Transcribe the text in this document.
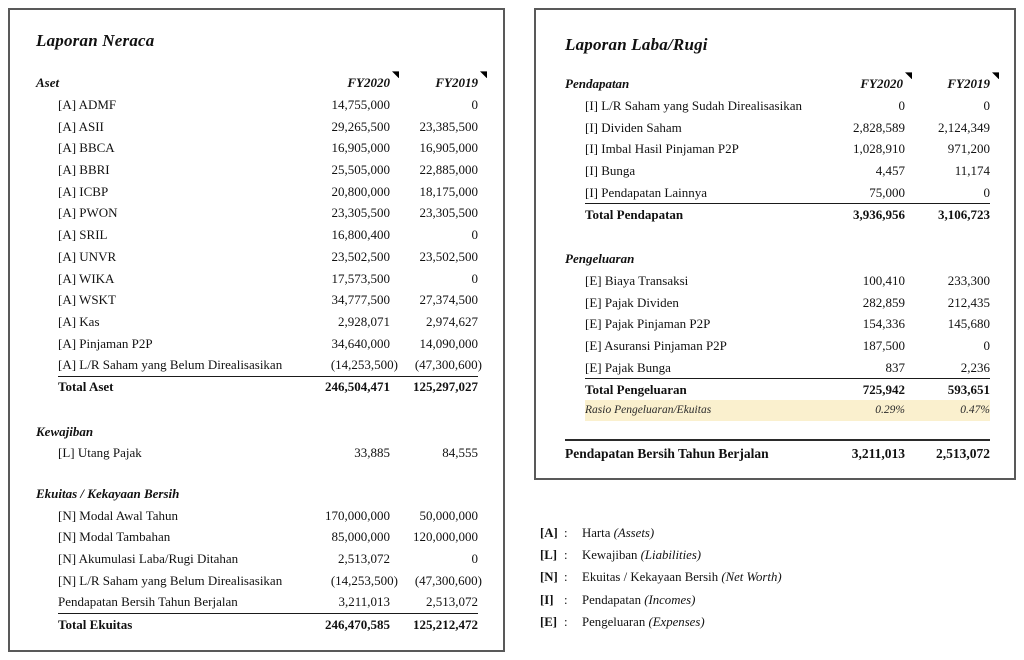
Laporan Neraca
Aset	FY2020	FY2019
[A] ADMF	14,755,000	0
[A] ASII	29,265,500	23,385,500
[A] BBCA	16,905,000	16,905,000
[A] BBRI	25,505,000	22,885,000
[A] ICBP	20,800,000	18,175,000
[A] PWON	23,305,500	23,305,500
[A] SRIL	16,800,400	0
[A] UNVR	23,502,500	23,502,500
[A] WIKA	17,573,500	0
[A] WSKT	34,777,500	27,374,500
[A] Kas	2,928,071	2,974,627
[A] Pinjaman P2P	34,640,000	14,090,000
[A] L/R Saham yang Belum Direalisasikan	(14,253,500)	(47,300,600)
Total Aset	246,504,471	125,297,027
Kewajiban
[L] Utang Pajak	33,885	84,555
Ekuitas / Kekayaan Bersih
[N] Modal Awal Tahun	170,000,000	50,000,000
[N] Modal Tambahan	85,000,000	120,000,000
[N] Akumulasi Laba/Rugi Ditahan	2,513,072	0
[N] L/R Saham yang Belum Direalisasikan	(14,253,500)	(47,300,600)
Pendapatan Bersih Tahun Berjalan	3,211,013	2,513,072
Total Ekuitas	246,470,585	125,212,472
Laporan Laba/Rugi
Pendapatan	FY2020	FY2019
[I] L/R Saham yang Sudah Direalisasikan	0	0
[I] Dividen Saham	2,828,589	2,124,349
[I] Imbal Hasil Pinjaman P2P	1,028,910	971,200
[I] Bunga	4,457	11,174
[I] Pendapatan Lainnya	75,000	0
Total Pendapatan	3,936,956	3,106,723
Pengeluaran
[E] Biaya Transaksi	100,410	233,300
[E] Pajak Dividen	282,859	212,435
[E] Pajak Pinjaman P2P	154,336	145,680
[E] Asuransi Pinjaman P2P	187,500	0
[E] Pajak Bunga	837	2,236
Total Pengeluaran	725,942	593,651
Rasio Pengeluaran/Ekuitas	0.29%	0.47%
Pendapatan Bersih Tahun Berjalan	3,211,013	2,513,072
[A] :	Harta (Assets)
[L] :	Kewajiban (Liabilities)
[N] :	Ekuitas / Kekayaan Bersih (Net Worth)
[I] :	Pendapatan (Incomes)
[E] :	Pengeluaran (Expenses)
